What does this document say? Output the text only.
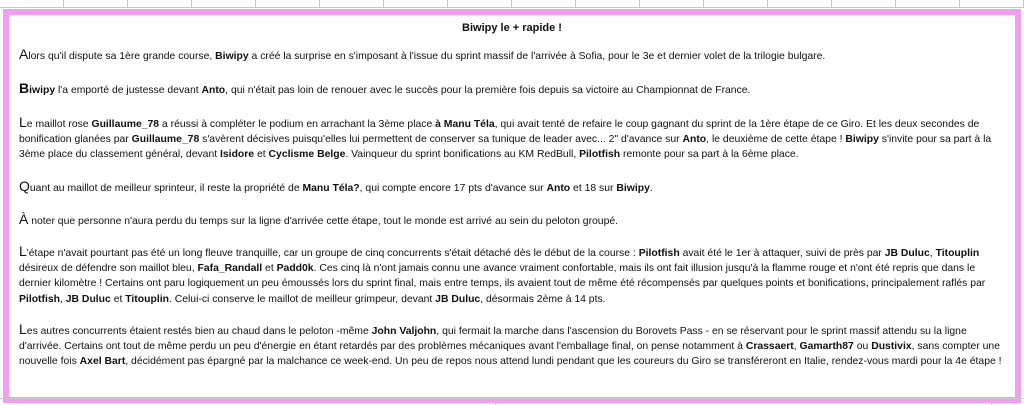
Biwipy le + rapide !

Alors qu'il dispute sa 1ère grande course, Biwipy a créé la surprise en s'imposant à l'issue du sprint massif de l'arrivée à Sofia, pour le 3e et dernier volet de la trilogie bulgare.

Biwipy l'a emporté de justesse devant Anto, qui n'était pas loin de renouer avec le succès pour la première fois depuis sa victoire au Championnat de France.

Le maillot rose Guillaume_78 a réussi à compléter le podium en arrachant la 3ème place à Manu Téla, qui avait tenté de refaire le coup gagnant du sprint de la 1ère étape de ce Giro. Et les deux secondes de bonification glanées par Guillaume_78 s'avèrent décisives puisqu'elles lui permettent de conserver sa tunique de leader avec... 2" d'avance sur Anto, le deuxième de cette étape ! Biwipy s'invite pour sa part à la 3ème place du classement général, devant Isidore et Cyclisme Belge. Vainqueur du sprint bonifications au KM RedBull, Pilotfish remonte pour sa part à la 6ème place.

Quant au maillot de meilleur sprinteur, il reste la propriété de Manu Téla?, qui compte encore 17 pts d'avance sur Anto et 18 sur Biwipy.

À noter que personne n'aura perdu du temps sur la ligne d'arrivée cette étape, tout le monde est arrivé au sein du peloton groupé.

L'étape n'avait pourtant pas été un long fleuve tranquille, car un groupe de cinq concurrents s'était détaché dès le début de la course : Pilotfish avait été le 1er à attaquer, suivi de près par JB Duluc, Titouplin désireux de défendre son maillot bleu, Fafa_Randall et Padd0k. Ces cinq là n'ont jamais connu une avance vraiment confortable, mais ils ont fait illusion jusqu'à la flamme rouge et n'ont été repris que dans le dernier kilomètre ! Certains ont paru logiquement un peu émoussés lors du sprint final, mais entre temps, ils avaient tout de même été récompensés par quelques points et bonifications, principalement raflés par Pilotfish, JB Duluc et Titouplin. Celui-ci conserve le maillot de meilleur grimpeur, devant JB Duluc, désormais 2ème à 14 pts.

Les autres concurrents étaient restés bien au chaud dans le peloton -même John Valjohn, qui fermait la marche dans l'ascension du Borovets Pass - en se réservant pour le sprint massif attendu su la ligne d'arrivée. Certains ont tout de même perdu un peu d'énergie en étant retardés par des problèmes mécaniques avant l'emballage final, on pense notamment à Crassaert, Gamarth87 ou Dustivix, sans compter une nouvelle fois Axel Bart, décidément pas épargné par la malchance ce week-end. Un peu de repos nous attend lundi pendant que les coureurs du Giro se transféreront en Italie, rendez-vous mardi pour la 4e étape !
